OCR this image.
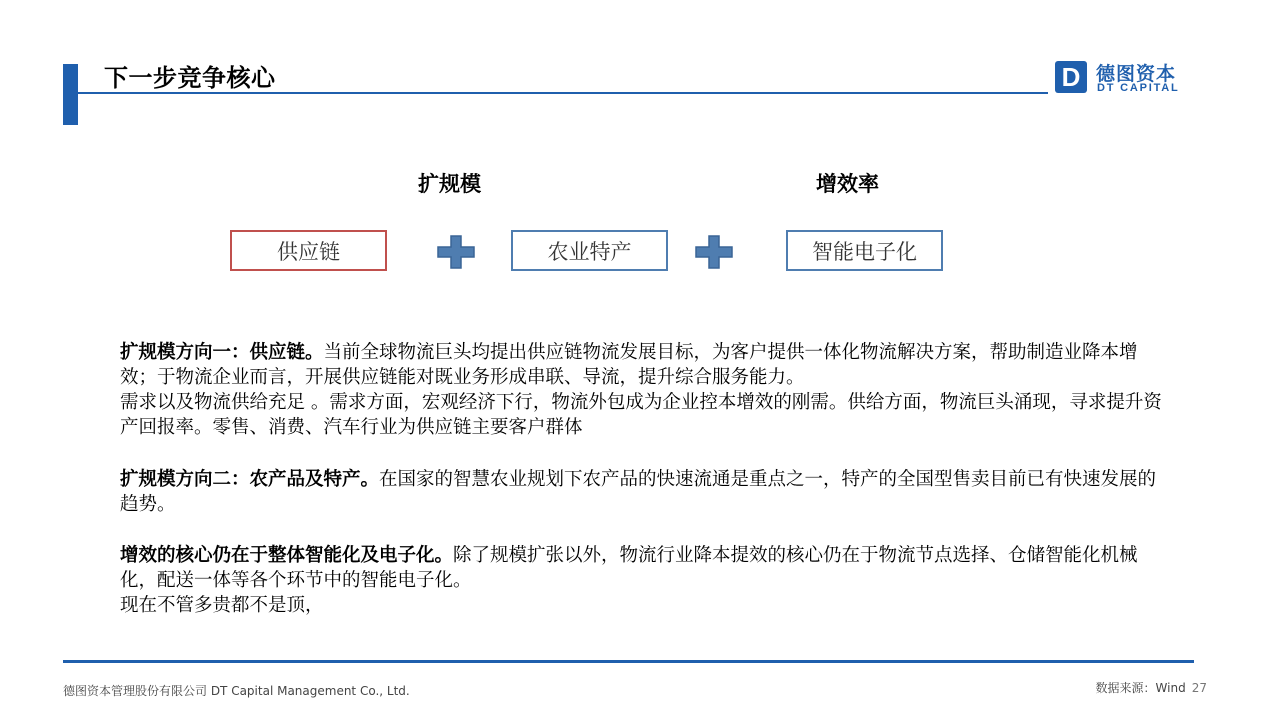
下一步竞争核心	D 德图资本
DT CAPITAL
扩规模	增效率
供应链	农业特产	智能电子化

扩规模方向一：供应链。当前全球物流巨头均提出供应链物流发展目标，为客户提供一体化物流解决方案，帮助制造业降本增效；于物流企业而言，开展供应链能对既业务形成串联、导流，提升综合服务能力。

需求以及物流供给充足 。需求方面，宏观经济下行，物流外包成为企业控本增效的刚需。供给方面，物流巨头涌现，寻求提升资产回报率。零售、消费、汽车行业为供应链主要客户群体

扩规模方向二：农产品及特产。在国家的智慧农业规划下农产品的快速流通是重点之一，特产的全国型售卖目前已有快速发展的趋势。

增效的核心仍在于整体智能化及电子化。除了规模扩张以外，物流行业降本提效的核心仍在于物流节点选择、仓储智能化机械化，配送一体等各个环节中的智能电子化。

现在不管多贵都不是顶，

德图资本管理股份有限公司 DT Capital Management Co., Ltd.	数据来源：Wind 27
